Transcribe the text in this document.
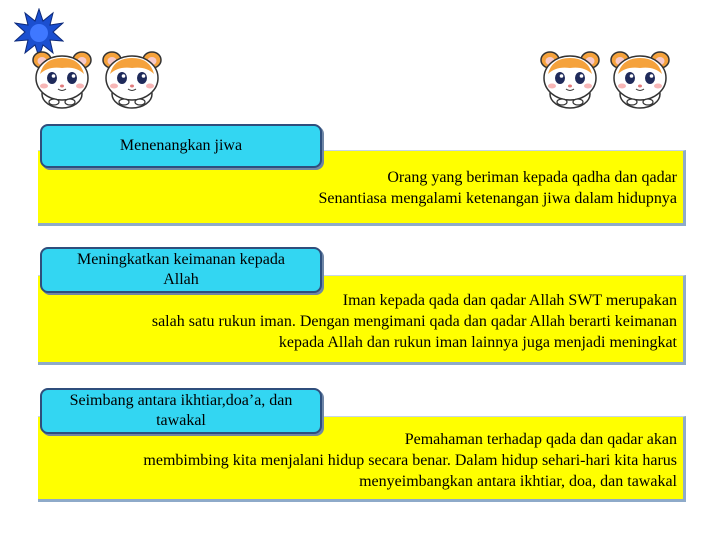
Orang yang beriman kepada qadha dan qadar
Senantiasa mengalami ketenangan jiwa dalam hidupnya
Menenangkan jiwa
Iman kepada qada dan qadar Allah SWT merupakan
salah satu rukun iman. Dengan mengimani qada dan qadar Allah berarti keimanan
kepada Allah dan rukun iman lainnya juga menjadi meningkat
Meningkatkan keimanan kepada
Allah
Pemahaman terhadap qada dan qadar akan
membimbing kita menjalani hidup secara benar. Dalam hidup sehari-hari kita harus
menyeimbangkan antara ikhtiar, doa, dan tawakal
Seimbang antara ikhtiar,doa’a, dan
tawakal
